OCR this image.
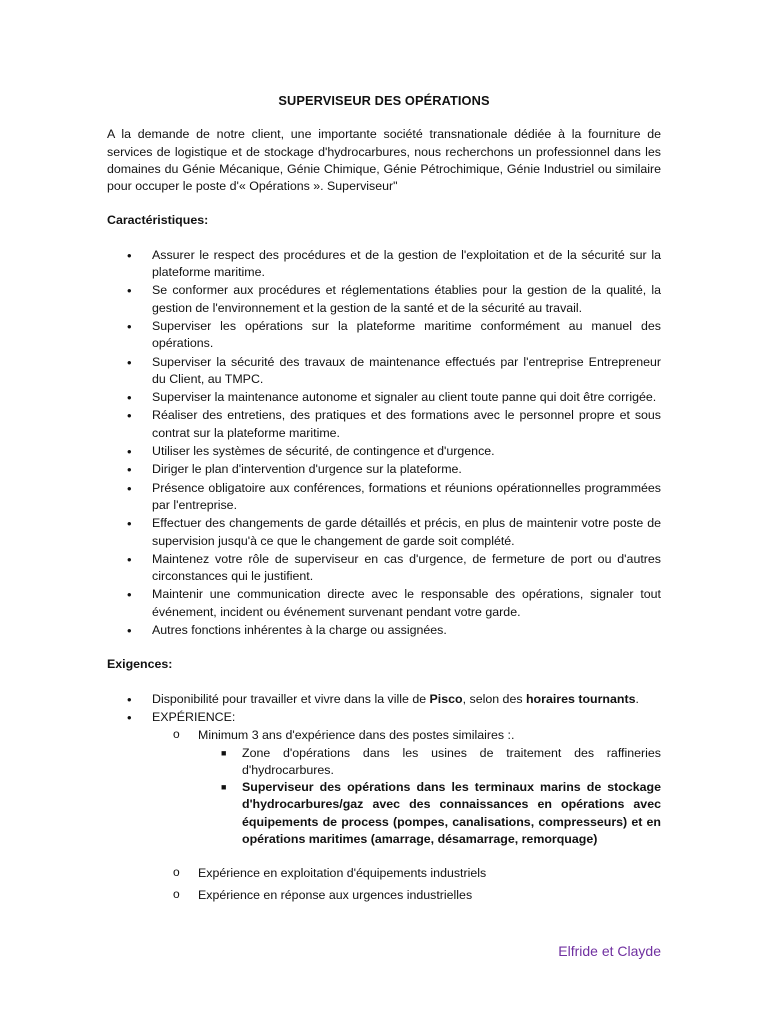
SUPERVISEUR DES OPÉRATIONS

A la demande de notre client, une importante société transnationale dédiée à la fourniture de services de logistique et de stockage d'hydrocarbures, nous recherchons un professionnel dans les domaines du Génie Mécanique, Génie Chimique, Génie Pétrochimique, Génie Industriel ou similaire pour occuper le poste d'« Opérations ». Superviseur"

Caractéristiques:
• Assurer le respect des procédures et de la gestion de l'exploitation et de la sécurité sur la plateforme maritime.
• Se conformer aux procédures et réglementations établies pour la gestion de la qualité, la gestion de l'environnement et la gestion de la santé et de la sécurité au travail.
• Superviser les opérations sur la plateforme maritime conformément au manuel des opérations.
• Superviser la sécurité des travaux de maintenance effectués par l'entreprise Entrepreneur du Client, au TMPC.
• Superviser la maintenance autonome et signaler au client toute panne qui doit être corrigée.
• Réaliser des entretiens, des pratiques et des formations avec le personnel propre et sous contrat sur la plateforme maritime.
• Utiliser les systèmes de sécurité, de contingence et d'urgence.
• Diriger le plan d'intervention d'urgence sur la plateforme.
• Présence obligatoire aux conférences, formations et réunions opérationnelles programmées par l'entreprise.
• Effectuer des changements de garde détaillés et précis, en plus de maintenir votre poste de supervision jusqu'à ce que le changement de garde soit complété.
• Maintenez votre rôle de superviseur en cas d'urgence, de fermeture de port ou d'autres circonstances qui le justifient.
• Maintenir une communication directe avec le responsable des opérations, signaler tout événement, incident ou événement survenant pendant votre garde.
• Autres fonctions inhérentes à la charge ou assignées.
Exigences:
• Disponibilité pour travailler et vivre dans la ville de Pisco, selon des horaires tournants.
• EXPÉRIENCE:
o Minimum 3 ans d'expérience dans des postes similaires :.
■ Zone d'opérations dans les usines de traitement des raffineries d'hydrocarbures.
■ Superviseur des opérations dans les terminaux marins de stockage d'hydrocarbures/gaz avec des connaissances en opérations avec équipements de process (pompes, canalisations, compresseurs) et en opérations maritimes (amarrage, désamarrage, remorquage)
o Expérience en exploitation d'équipements industriels
o Expérience en réponse aux urgences industrielles
Elfride et Clayde
